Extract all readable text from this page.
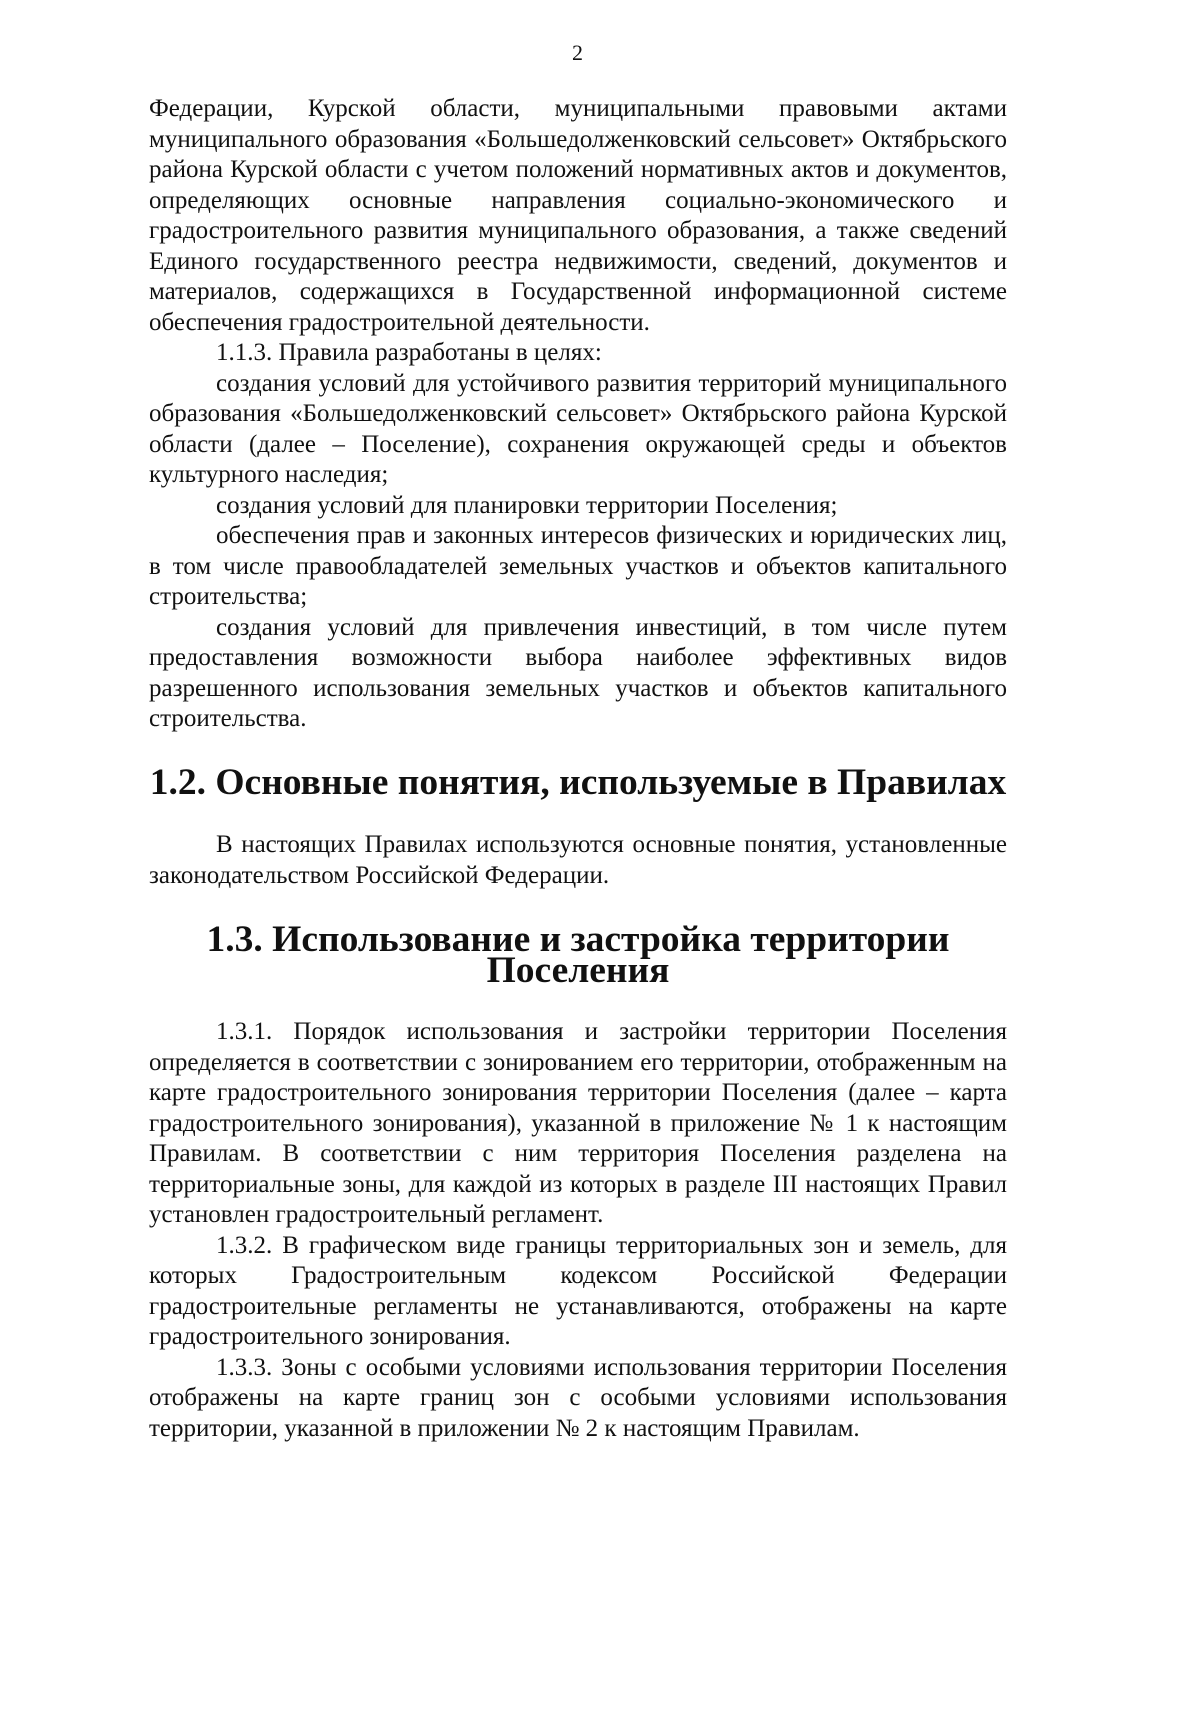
2

Федерации, Курской области, муниципальными правовыми актами муниципального образования «Большедолженковский сельсовет» Октябрьского района Курской области с учетом положений нормативных актов и документов, определяющих основные направления социально-экономического и градостроительного развития муниципального образования, а также сведений Единого государственного реестра недвижимости, сведений, документов и материалов, содержащихся в Государственной информационной системе обеспечения градостроительной деятельности.

1.1.3. Правила разработаны в целях:

создания условий для устойчивого развития территорий муниципального образования «Большедолженковский сельсовет» Октябрьского района Курской области (далее – Поселение), сохранения окружающей среды и объектов культурного наследия;

создания условий для планировки территории Поселения;

обеспечения прав и законных интересов физических и юридических лиц, в том числе правообладателей земельных участков и объектов капитального строительства;

создания условий для привлечения инвестиций, в том числе путем предоставления возможности выбора наиболее эффективных видов разрешенного использования земельных участков и объектов капитального строительства.

1.2. Основные понятия, используемые в Правилах

В настоящих Правилах используются основные понятия, установленные законодательством Российской Федерации.

1.3. Использование и застройка территории Поселения

1.3.1. Порядок использования и застройки территории Поселения определяется в соответствии с зонированием его территории, отображенным на карте градостроительного зонирования территории Поселения (далее – карта градостроительного зонирования), указанной в приложение № 1 к настоящим Правилам. В соответствии с ним территория Поселения разделена на территориальные зоны, для каждой из которых в разделе III настоящих Правил установлен градостроительный регламент.

1.3.2. В графическом виде границы территориальных зон и земель, для которых Градостроительным кодексом Российской Федерации градостроительные регламенты не устанавливаются, отображены на карте градостроительного зонирования.

1.3.3. Зоны с особыми условиями использования территории Поселения отображены на карте границ зон с особыми условиями использования территории, указанной в приложении № 2 к настоящим Правилам.
